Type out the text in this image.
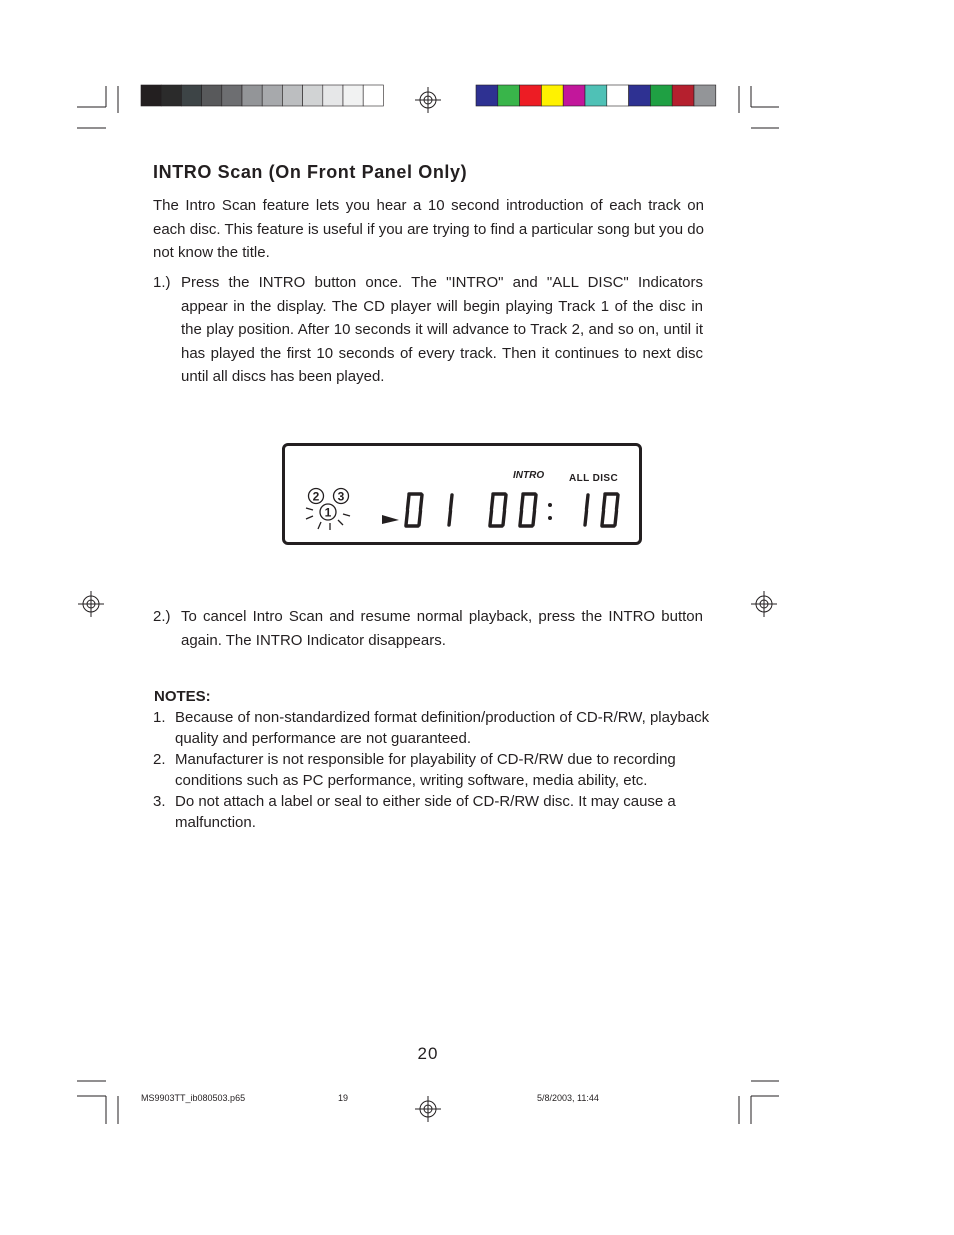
INTRO Scan (On Front Panel Only)
The Intro Scan feature lets you hear a 10 second introduction of each track on each disc. This feature is useful if you are trying to find a particular song but you do not know the title.
1.) Press the INTRO button once. The "INTRO" and "ALL DISC" Indicators appear in the display. The CD player will begin playing Track 1 of the disc in the play position. After 10 seconds it will advance to Track 2, and so on, until it has played the first 10 seconds of every track. Then it continues to next disc until all discs has been played.
INTRO ALL DISC
2 3
1
2.) To cancel Intro Scan and resume normal playback, press the INTRO button again. The INTRO Indicator disappears.
NOTES:
1. Because of non-standardized format definition/production of CD-R/RW, playback quality and performance are not guaranteed.
2. Manufacturer is not responsible for playability of CD-R/RW due to recording conditions such as PC performance, writing software, media ability, etc.
3. Do not attach a label or seal to either side of CD-R/RW disc. It may cause a malfunction.
20
MS9903TT_ib080503.p65	19	5/8/2003, 11:44
